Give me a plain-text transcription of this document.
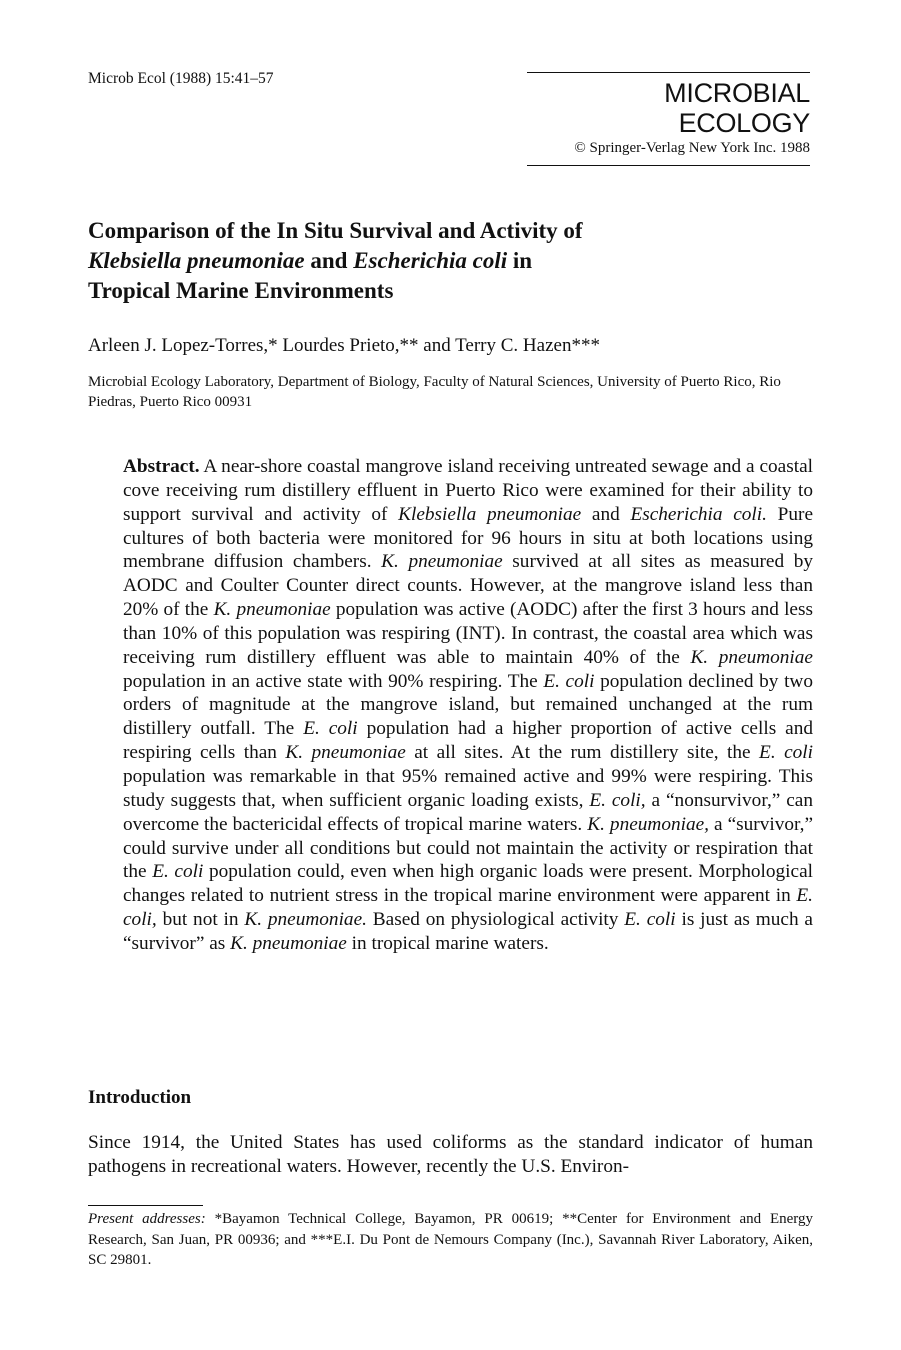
Microb Ecol (1988) 15:41–57	MICROBIAL ECOLOGY
© Springer-Verlag New York Inc. 1988
Comparison of the In Situ Survival and Activity of
Klebsiella pneumoniae and Escherichia coli in
Tropical Marine Environments
Arleen J. Lopez-Torres,* Lourdes Prieto,** and Terry C. Hazen***
Microbial Ecology Laboratory, Department of Biology, Faculty of Natural Sciences, University of Puerto Rico, Rio Piedras, Puerto Rico 00931
Abstract. A near-shore coastal mangrove island receiving untreated sewage and a coastal cove receiving rum distillery effluent in Puerto Rico were examined for their ability to support survival and activity of Klebsiella pneumoniae and Escherichia coli. Pure cultures of both bacteria were monitored for 96 hours in situ at both locations using membrane diffusion chambers. K. pneumoniae survived at all sites as measured by AODC and Coulter Counter direct counts. However, at the mangrove island less than 20% of the K. pneumoniae population was active (AODC) after the first 3 hours and less than 10% of this population was respiring (INT). In contrast, the coastal area which was receiving rum distillery effluent was able to maintain 40% of the K. pneumoniae population in an active state with 90% respiring. The E. coli population declined by two orders of magnitude at the mangrove island, but remained unchanged at the rum distillery outfall. The E. coli population had a higher proportion of active cells and respiring cells than K. pneumoniae at all sites. At the rum distillery site, the E. coli population was remarkable in that 95% remained active and 99% were respiring. This study suggests that, when sufficient organic loading exists, E. coli, a “nonsurvivor,” can overcome the bactericidal effects of tropical marine waters. K. pneumoniae, a “survivor,” could survive under all conditions but could not maintain the activity or respiration that the E. coli population could, even when high organic loads were present. Morphological changes related to nutrient stress in the tropical marine environment were apparent in E. coli, but not in K. pneumoniae. Based on physiological activity E. coli is just as much a “survivor” as K. pneumoniae in tropical marine waters.
Introduction
Since 1914, the United States has used coliforms as the standard indicator of human pathogens in recreational waters. However, recently the U.S. Environ-
Present addresses: *Bayamon Technical College, Bayamon, PR 00619; **Center for Environment and Energy Research, San Juan, PR 00936; and ***E.I. Du Pont de Nemours Company (Inc.), Savannah River Laboratory, Aiken, SC 29801.
